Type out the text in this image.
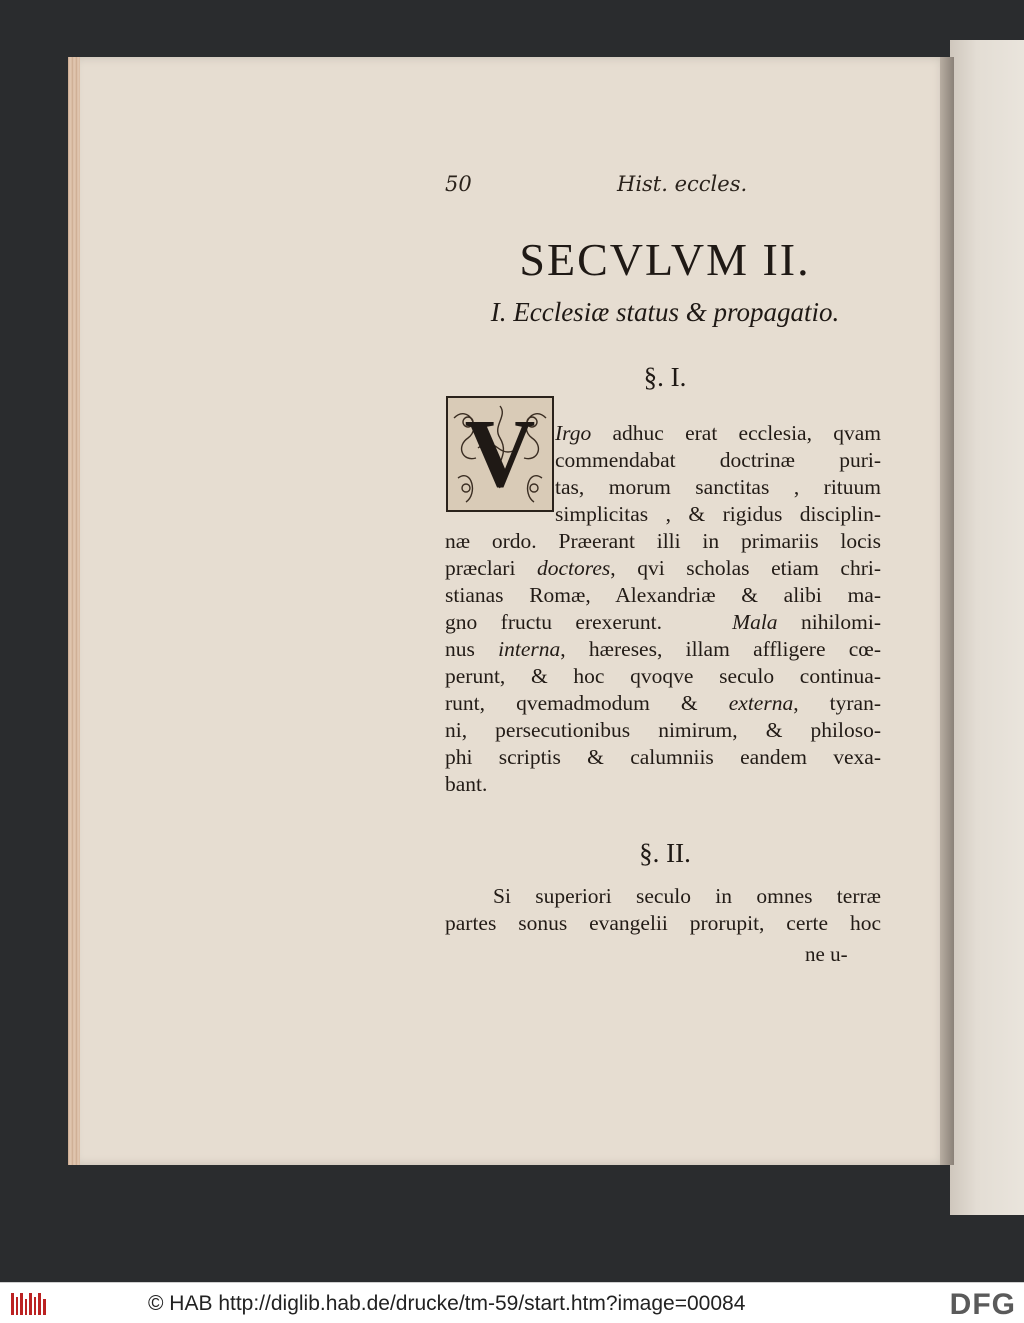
50	Hist. eccles.
SECVLVM II.
I. Ecclesiæ status & propagatio.
§. I.
V Irgo adhuc erat ecclesia, qvam
commendabat doctrinæ puri-
tas, morum sanctitas , rituum
simplicitas , & rigidus disciplin-
næ ordo. Præerant illi in primariis locis
præclari doctores, qvi scholas etiam chri-
stianas Romæ, Alexandriæ & alibi ma-
gno fructu erexerunt.   Mala nihilomi-
nus interna, hæreses, illam affligere cœ-
perunt, & hoc qvoqve seculo continua-
runt, qvemadmodum & externa, tyran-
ni, persecutionibus nimirum, & philoso-
phi scriptis & calumniis eandem vexa-
bant.
§. II.
Si superiori seculo in omnes terræ
partes sonus evangelii prorupit, certe hoc
ne u-
© HAB http://diglib.hab.de/drucke/tm-59/start.htm?image=00084	DFG
